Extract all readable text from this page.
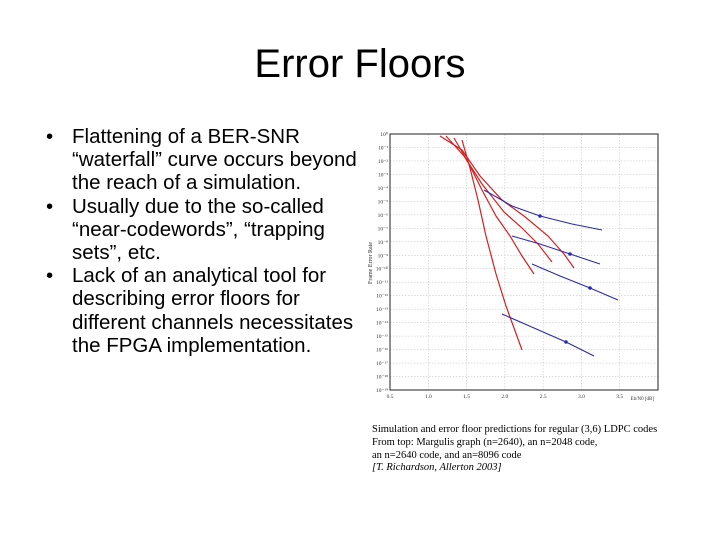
Error Floors
• Flattening of a BER-SNR “waterfall” curve occurs beyond the reach of a simulation.
• Usually due to the so-called “near-codewords”, “trapping sets”, etc.
• Lack of an analytical tool for describing error floors for different channels necessitates the FPGA implementation.
10⁰
10⁻¹
10⁻²
10⁻³
10⁻⁴
10⁻⁵
10⁻⁶
10⁻⁷
10⁻⁸
10⁻⁹
10⁻¹⁰
10⁻¹¹
10⁻¹²
10⁻¹³
10⁻¹⁴
10⁻¹⁵
10⁻¹⁶
10⁻¹⁷
10⁻¹⁸
10⁻¹⁹
0.5	1.0	1.5	2.0	2.5	3.0	3.5
Frame Error Rate
Eb/N0 [dB]
Simulation and error floor predictions for regular (3,6) LDPC codes
From top: Margulis graph (n=2640), an n=2048 code,
an n=2640 code, and an=8096 code
[T. Richardson, Allerton 2003]
